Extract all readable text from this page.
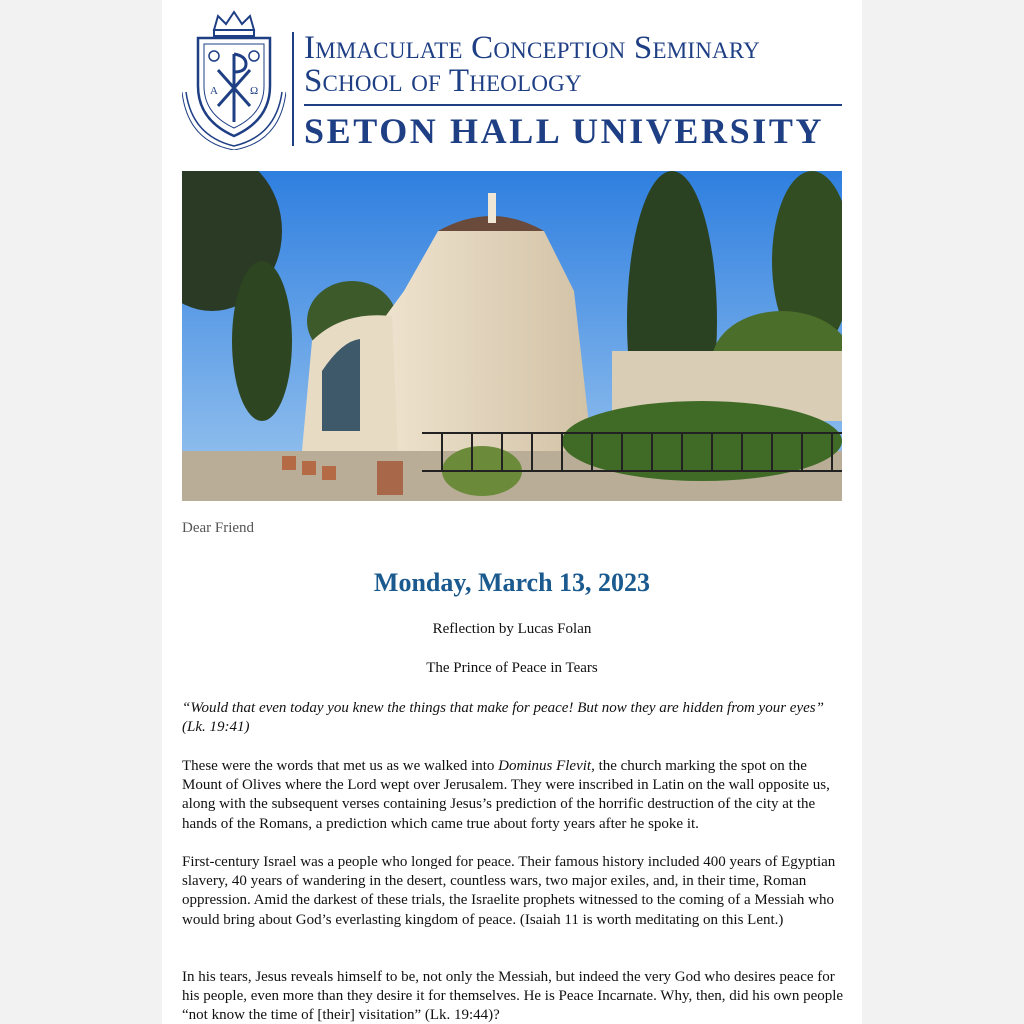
A	Ω
Immaculate Conception Seminary
School of Theology
SETON HALL UNIVERSITY
Dear Friend
Monday, March 13, 2023
Reflection by Lucas Folan
The Prince of Peace in Tears

“Would that even today you knew the things that make for peace! But now they are hidden from your eyes” (Lk. 19:41)

These were the words that met us as we walked into Dominus Flevit, the church marking the spot on the Mount of Olives where the Lord wept over Jerusalem. They were inscribed in Latin on the wall opposite us, along with the subsequent verses containing Jesus’s prediction of the horrific destruction of the city at the hands of the Romans, a prediction which came true about forty years after he spoke it.

First-century Israel was a people who longed for peace. Their famous history included 400 years of Egyptian slavery, 40 years of wandering in the desert, countless wars, two major exiles, and, in their time, Roman oppression. Amid the darkest of these trials, the Israelite prophets witnessed to the coming of a Messiah who would bring about God’s everlasting kingdom of peace. (Isaiah 11 is worth meditating on this Lent.)

In his tears, Jesus reveals himself to be, not only the Messiah, but indeed the very God who desires peace for his people, even more than they desire it for themselves. He is Peace Incarnate. Why, then, did his own people “not know the time of [their] visitation” (Lk. 19:44)?
